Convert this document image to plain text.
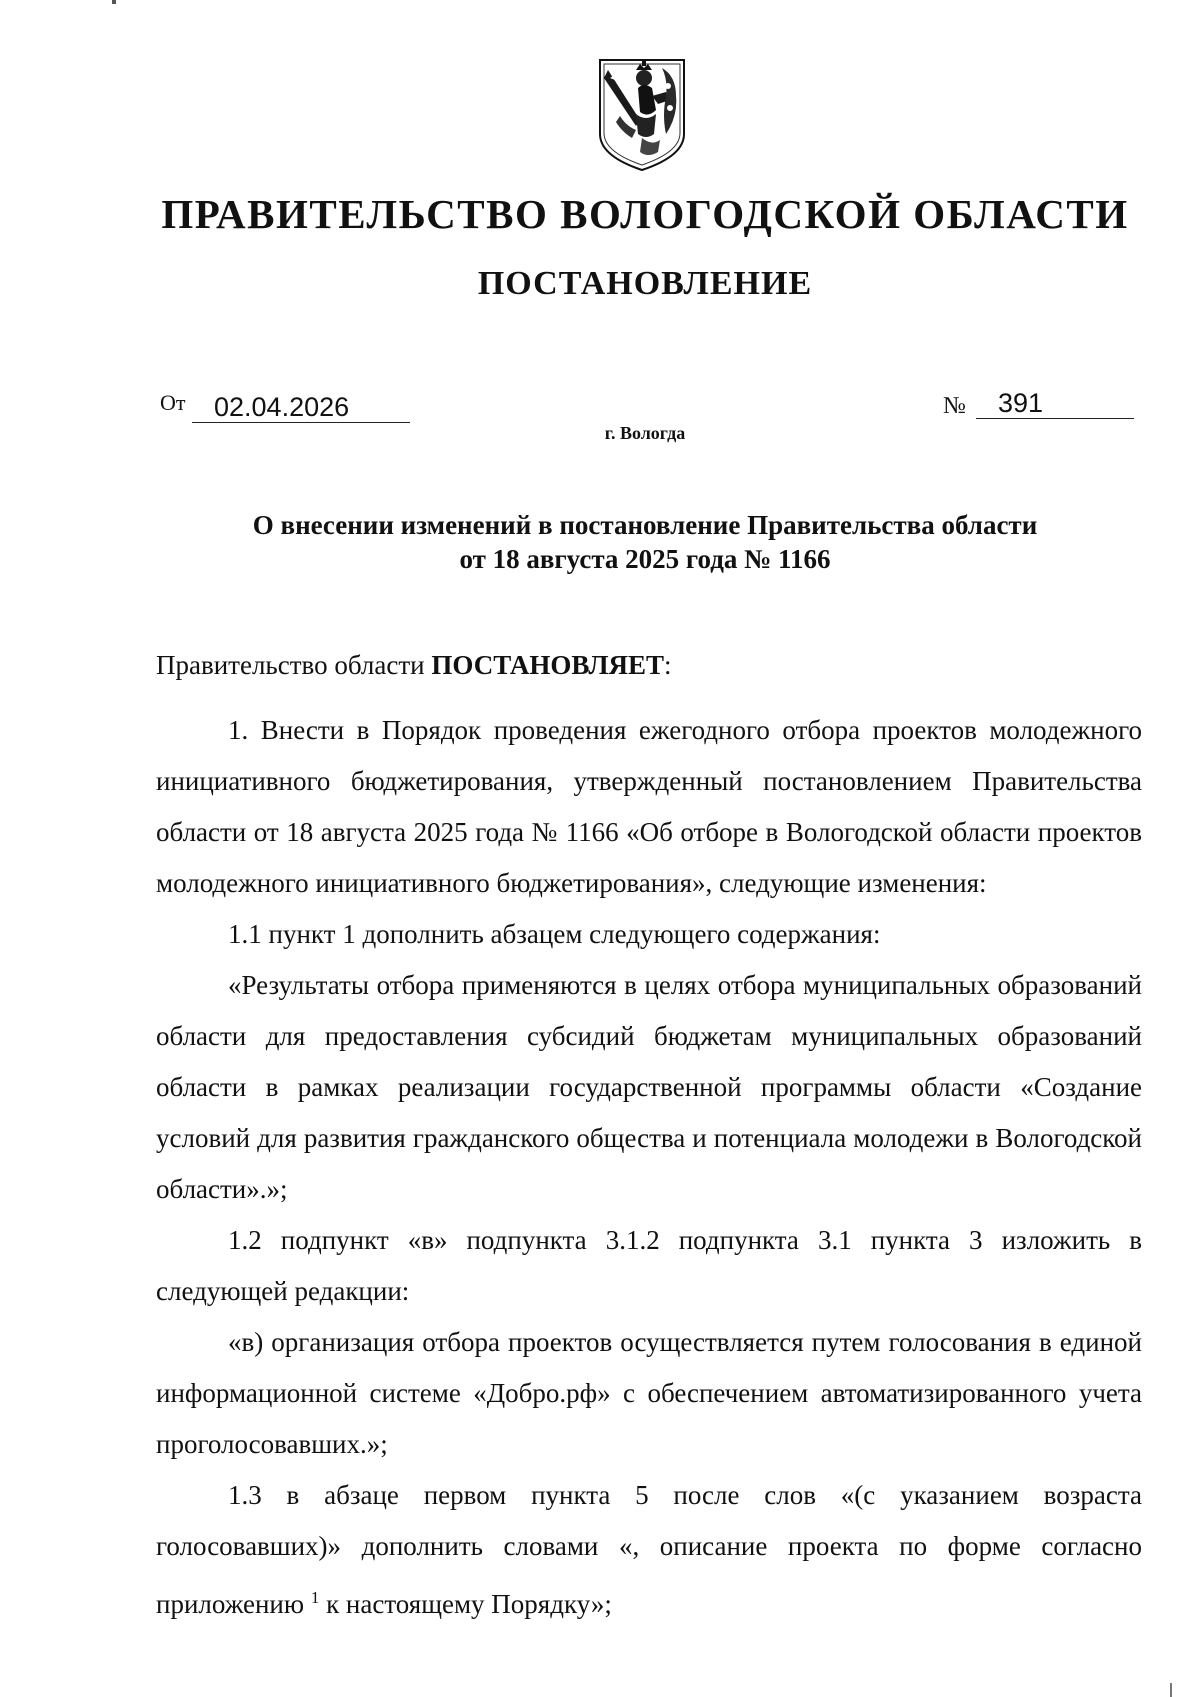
ПРАВИТЕЛЬСТВО ВОЛОГОДСКОЙ ОБЛАСТИ
ПОСТАНОВЛЕНИЕ
От	02.04.2026	№	391
г. Вологда
О внесении изменений в постановление Правительства области
от 18 августа 2025 года № 1166

Правительство области ПОСТАНОВЛЯЕТ:

1. Внести в Порядок проведения ежегодного отбора проектов молодежного инициативного бюджетирования, утвержденный постановлением Правительства области от 18 августа 2025 года № 1166 «Об отборе в Вологодской области проектов молодежного инициативного бюджетирования», следующие изменения:

1.1 пункт 1 дополнить абзацем следующего содержания:

«Результаты отбора применяются в целях отбора муниципальных образований области для предоставления субсидий бюджетам муниципальных образований области в рамках реализации государственной программы области «Создание условий для развития гражданского общества и потенциала молодежи в Вологодской области».»;

1.2 подпункт «в» подпункта 3.1.2 подпункта 3.1 пункта 3 изложить в следующей редакции:

«в) организация отбора проектов осуществляется путем голосования в единой информационной системе «Добро.рф» с обеспечением автоматизированного учета проголосовавших.»;

1.3 в абзаце первом пункта 5 после слов «(с указанием возраста голосовавших)» дополнить словами «, описание проекта по форме согласно приложению $^1$ к настоящему Порядку»;
